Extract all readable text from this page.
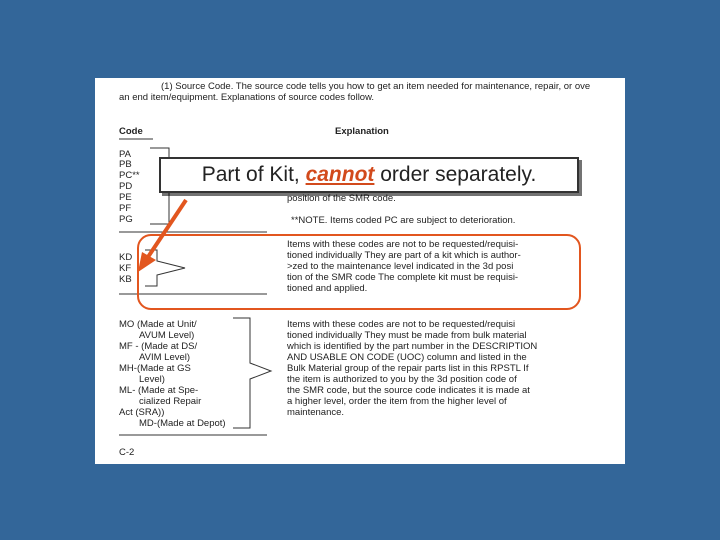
(1) Source Code. The source code tells you how to get an item needed for maintenance, repair, or ove
an end item/equipment. Explanations of source codes follow.
Code	Explanation
PA
PB
PC**
PD
PE
PF
PG
position of the SMR code.
**NOTE. Items coded PC are subject to deterioration.
KD
KF
KB
Items with these codes are not to be requested/requisi-
tioned individually They are part of a kit which is author-
>zed to the maintenance level indicated in the 3d posi
tion of the SMR code The complete kit must be requisi-
tioned and applied.
MO (Made at Unit/
AVUM Level)
MF - (Made at DS/
AVIM Level)
MH-(Made at GS
Level)
ML- (Made at Spe-
cialized Repair
Act (SRA))
MD-(Made at Depot)
Items with these codes are not to be requested/requisi
tioned individually They must be made from bulk material
which is identified by the part number in the DESCRIPTION
AND USABLE ON CODE (UOC) column and listed in the
Bulk Material group of the repair parts list in this RPSTL If
the item is authorized to you by the 3d position code of
the SMR code, but the source code indicates it is made at
a higher level, order the item from the higher level of
maintenance.
C-2
Part of Kit, cannot order separately.
